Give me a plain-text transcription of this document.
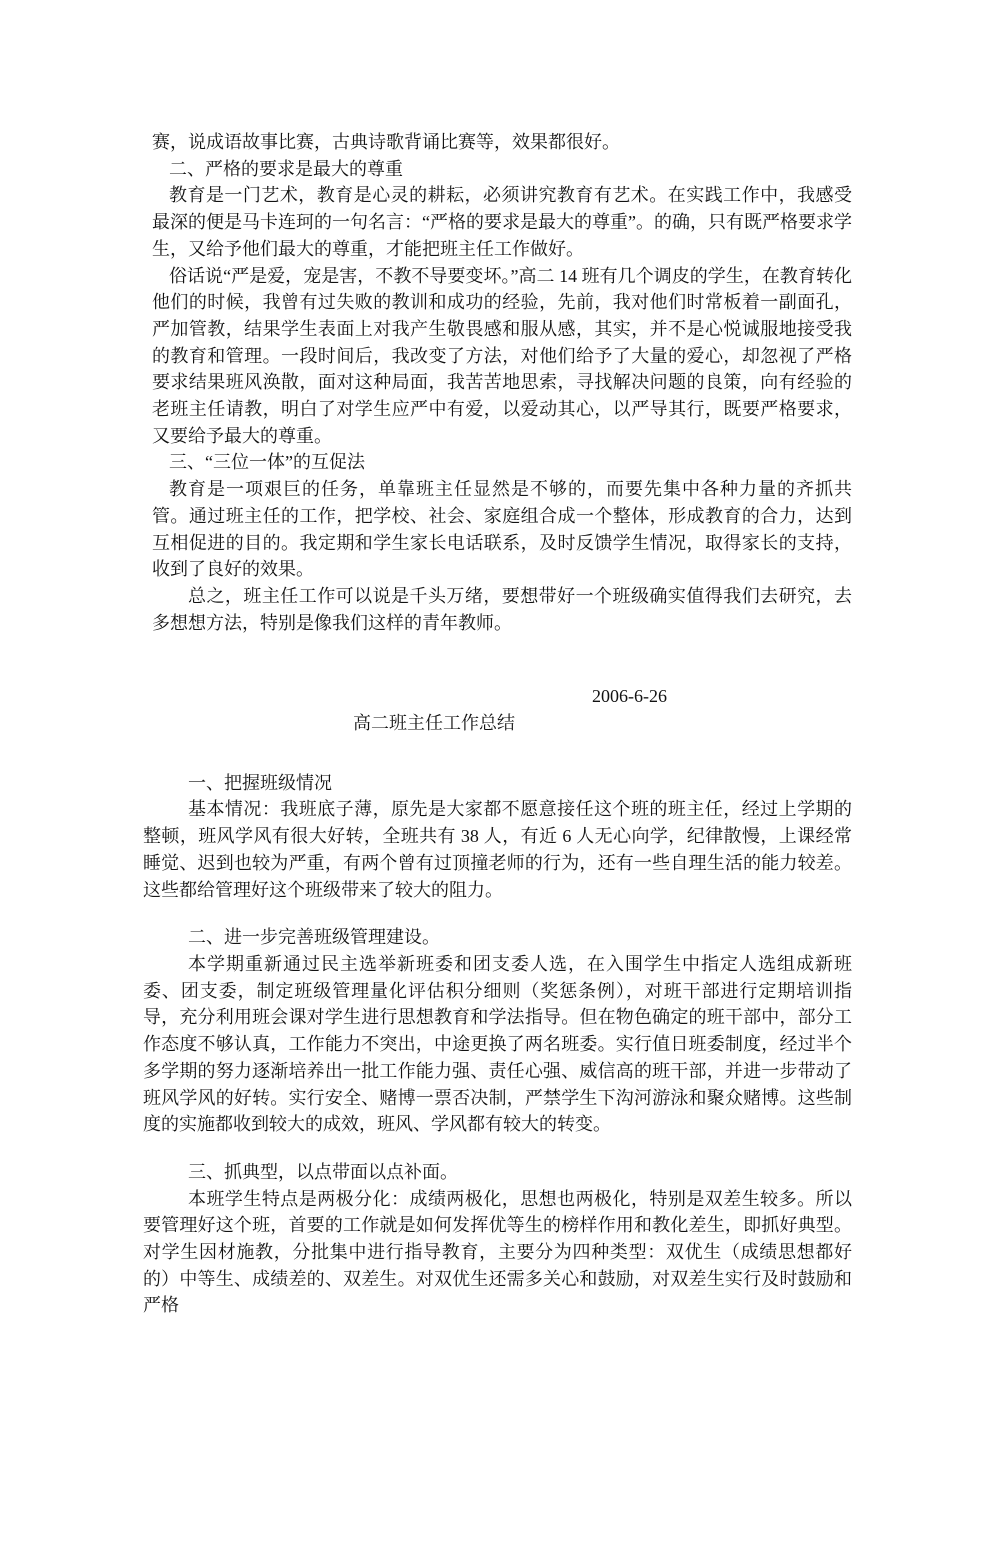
赛，说成语故事比赛，古典诗歌背诵比赛等，效果都很好。

二、严格的要求是最大的尊重

教育是一门艺术，教育是心灵的耕耘，必须讲究教育有艺术。在实践工作中，我感受最深的便是马卡连珂的一句名言：“严格的要求是最大的尊重”。的确，只有既严格要求学生，又给予他们最大的尊重，才能把班主任工作做好。

俗话说“严是爱，宠是害，不教不导要变坏。”高二 14 班有几个调皮的学生，在教育转化他们的时候，我曾有过失败的教训和成功的经验，先前，我对他们时常板着一副面孔，严加管教，结果学生表面上对我产生敬畏感和服从感，其实，并不是心悦诚服地接受我的教育和管理。一段时间后，我改变了方法，对他们给予了大量的爱心，却忽视了严格要求结果班风涣散，面对这种局面，我苦苦地思索，寻找解决问题的良策，向有经验的老班主任请教，明白了对学生应严中有爱，以爱动其心，以严导其行，既要严格要求，又要给予最大的尊重。

三、“三位一体”的互促法

教育是一项艰巨的任务，单靠班主任显然是不够的，而要先集中各种力量的齐抓共管。通过班主任的工作，把学校、社会、家庭组合成一个整体，形成教育的合力，达到互相促进的目的。我定期和学生家长电话联系，及时反馈学生情况，取得家长的支持，收到了良好的效果。

总之，班主任工作可以说是千头万绪，要想带好一个班级确实值得我们去研究，去多想想方法，特别是像我们这样的青年教师。

2006-6-26

高二班主任工作总结

一、把握班级情况

基本情况：我班底子薄，原先是大家都不愿意接任这个班的班主任，经过上学期的整顿，班风学风有很大好转，全班共有 38 人，有近 6 人无心向学，纪律散慢，上课经常睡觉、迟到也较为严重，有两个曾有过顶撞老师的行为，还有一些自理生活的能力较差。这些都给管理好这个班级带来了较大的阻力。

二、进一步完善班级管理建设。

本学期重新通过民主选举新班委和团支委人选，在入围学生中指定人选组成新班委、团支委，制定班级管理量化评估积分细则（奖惩条例），对班干部进行定期培训指导，充分利用班会课对学生进行思想教育和学法指导。但在物色确定的班干部中，部分工作态度不够认真，工作能力不突出，中途更换了两名班委。实行值日班委制度，经过半个多学期的努力逐渐培养出一批工作能力强、责任心强、威信高的班干部，并进一步带动了班风学风的好转。实行安全、赌博一票否决制，严禁学生下沟河游泳和聚众赌博。这些制度的实施都收到较大的成效，班风、学风都有较大的转变。

三、抓典型，以点带面以点补面。

本班学生特点是两极分化：成绩两极化，思想也两极化，特别是双差生较多。所以要管理好这个班，首要的工作就是如何发挥优等生的榜样作用和教化差生，即抓好典型。对学生因材施教，分批集中进行指导教育，主要分为四种类型：双优生（成绩思想都好的）中等生、成绩差的、双差生。对双优生还需多关心和鼓励，对双差生实行及时鼓励和严格
